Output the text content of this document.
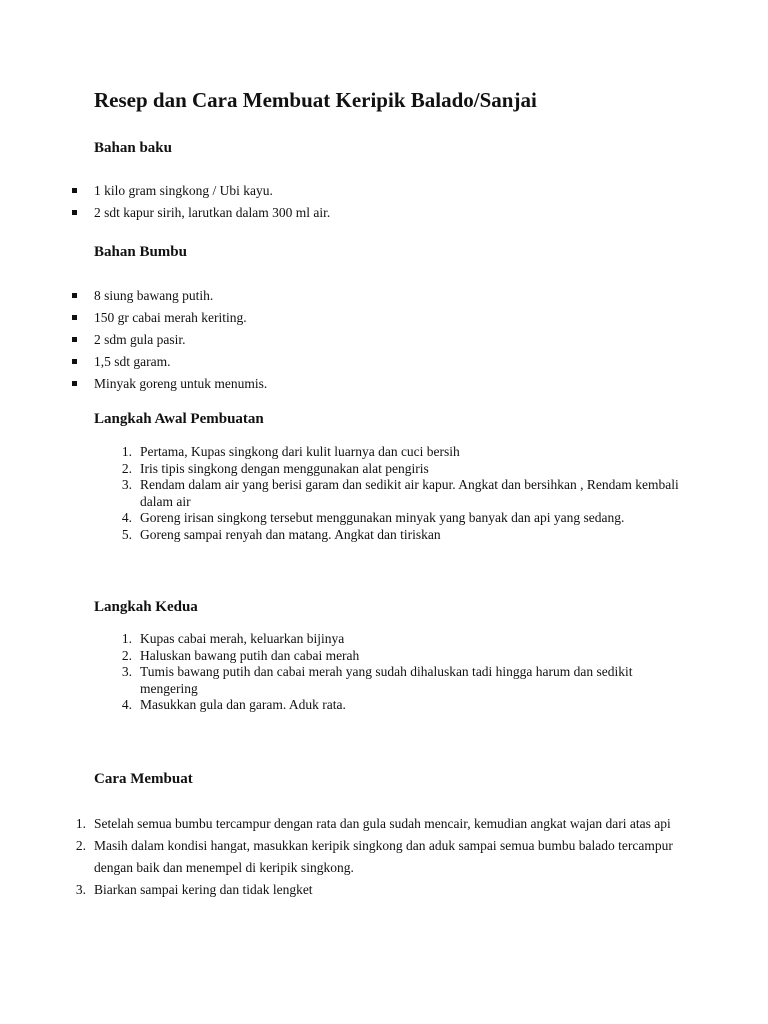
Resep dan Cara Membuat Keripik Balado/Sanjai
Bahan baku
1 kilo gram singkong / Ubi kayu.
2 sdt kapur sirih, larutkan dalam 300 ml air.
Bahan Bumbu
8 siung bawang putih.
150 gr cabai merah keriting.
2 sdm gula pasir.
1,5 sdt garam.
Minyak goreng untuk menumis.
Langkah Awal Pembuatan
1. Pertama, Kupas singkong dari kulit luarnya dan cuci bersih
2. Iris tipis singkong dengan menggunakan alat pengiris
3. Rendam dalam air yang berisi garam dan sedikit air kapur. Angkat dan bersihkan , Rendam kembali dalam air
4. Goreng irisan singkong tersebut menggunakan minyak yang banyak dan api yang sedang.
5. Goreng sampai renyah dan matang. Angkat dan tiriskan
Langkah Kedua
1. Kupas cabai merah, keluarkan bijinya
2. Haluskan bawang putih dan cabai merah
3. Tumis bawang putih dan cabai merah yang sudah dihaluskan tadi hingga harum dan sedikit mengering
4. Masukkan gula dan garam. Aduk rata.
Cara Membuat
1. Setelah semua bumbu tercampur dengan rata dan gula sudah mencair, kemudian angkat wajan dari atas api
2. Masih dalam kondisi hangat, masukkan keripik singkong dan aduk sampai semua bumbu balado tercampur dengan baik dan menempel di keripik singkong.
3. Biarkan sampai kering dan tidak lengket
